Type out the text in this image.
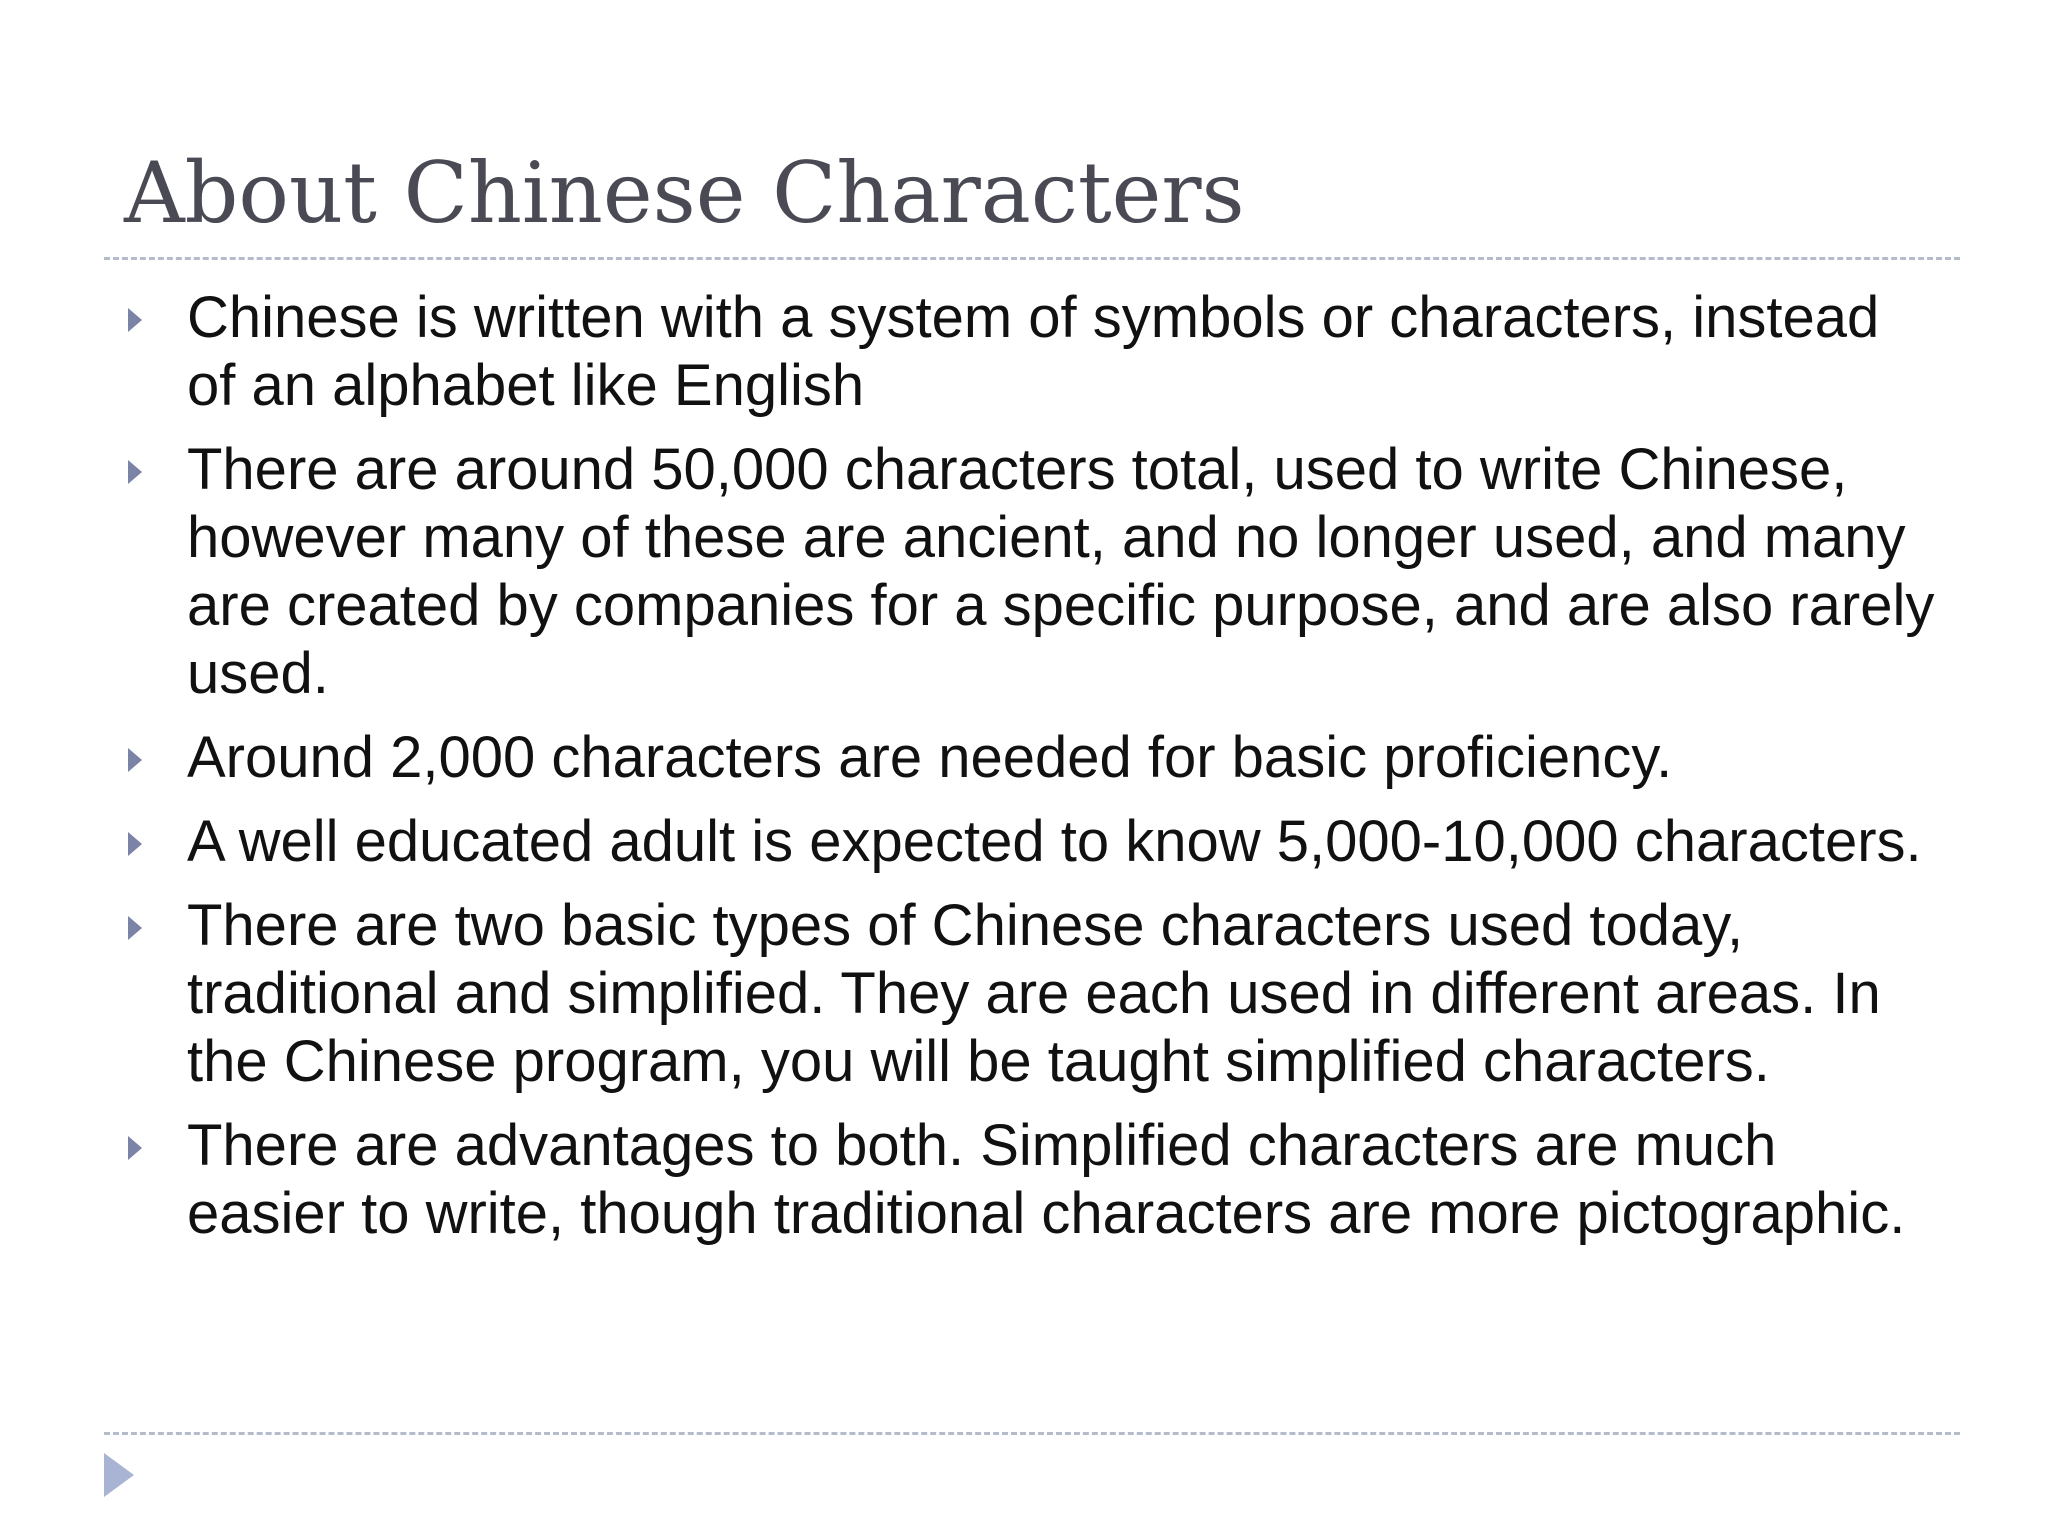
About Chinese Characters
Chinese is written with a system of symbols or characters, instead of an alphabet like English
There are around 50,000 characters total, used to write Chinese, however many of these are ancient, and no longer used, and many are created by companies for a specific purpose, and are also rarely used.
Around 2,000 characters are needed for basic proficiency.
A well educated adult is expected to know 5,000-10,000 characters.
There are two basic types of Chinese characters used today, traditional and simplified. They are each used in different areas. In the Chinese program, you will be taught simplified characters.
There are advantages to both. Simplified characters are much easier to write, though traditional characters are more pictographic.
